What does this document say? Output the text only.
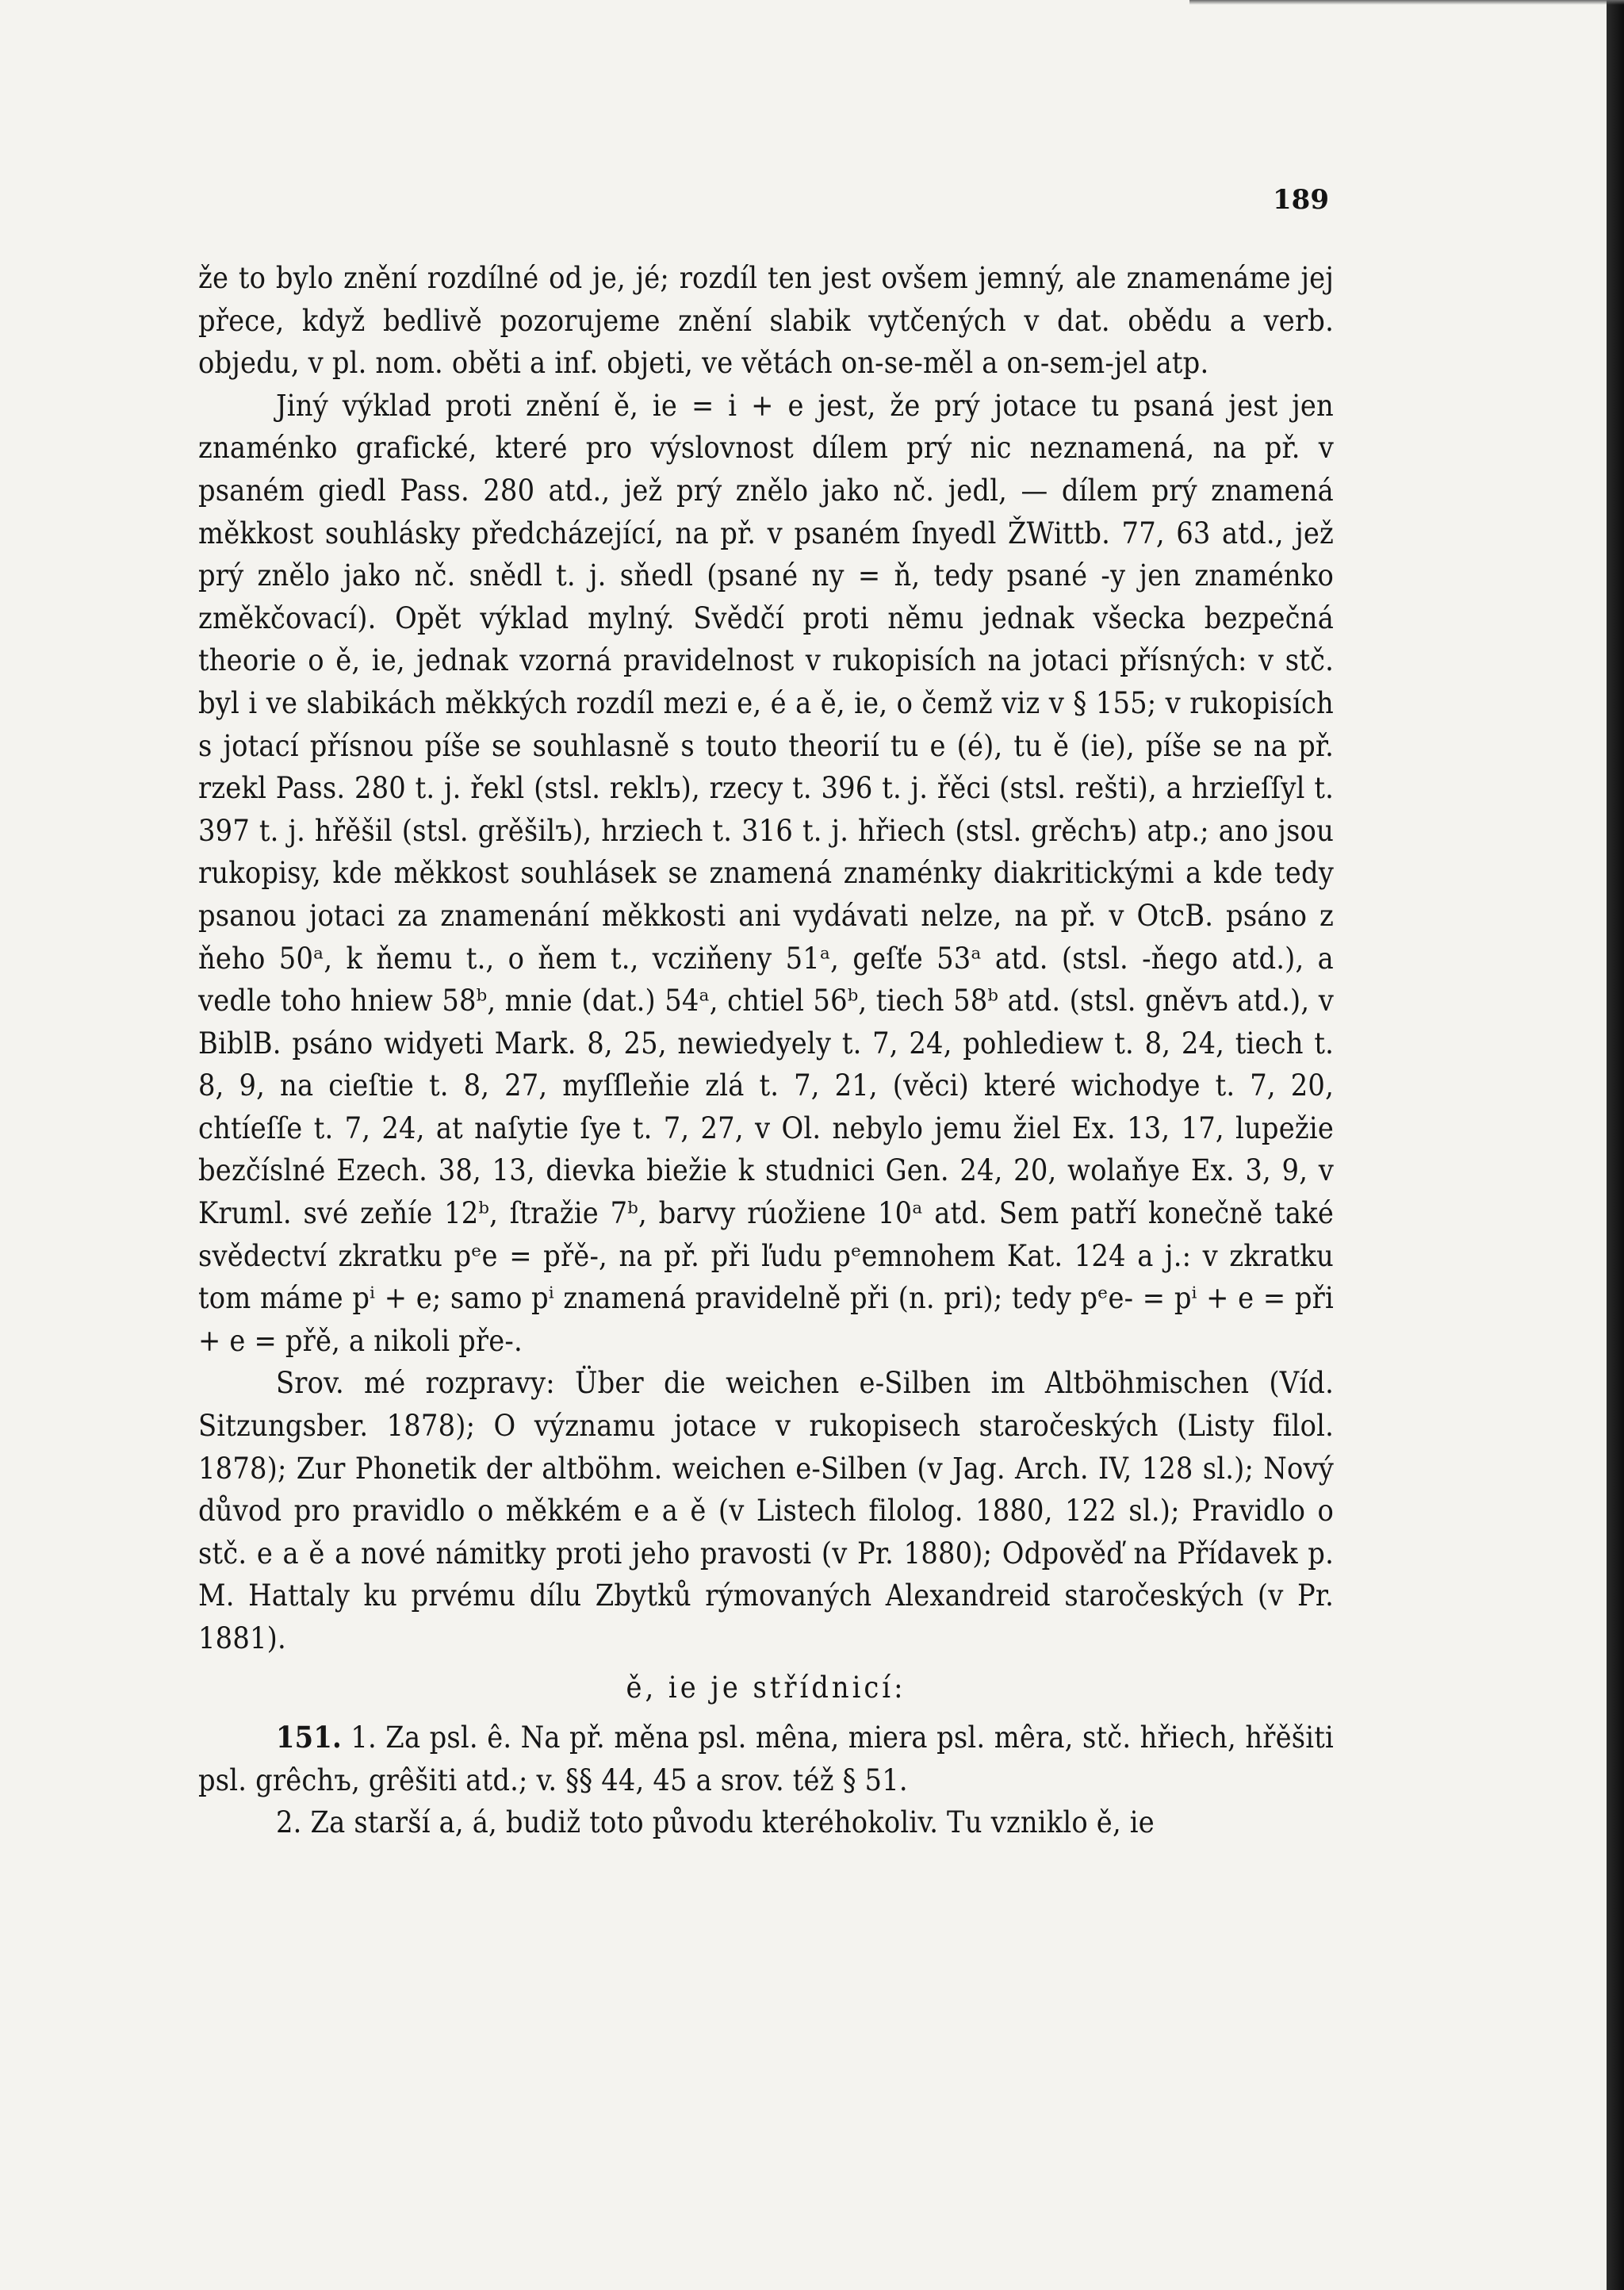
189

že to bylo znění rozdílné od je, jé; rozdíl ten jest ovšem jemný, ale znamenáme jej přece, když bedlivě pozorujeme znění slabik vytčených v dat. obědu a verb. objedu, v pl. nom. oběti a inf. objeti, ve větách on-se-měl a on-sem-jel atp.

Jiný výklad proti znění ě, ie = i + e jest, že prý jotace tu psaná jest jen znaménko grafické, které pro výslovnost dílem prý nic neznamená, na př. v psaném giedl Pass. 280 atd., jež prý znělo jako nč. jedl, — dílem prý znamená měkkost souhlásky předcházející, na př. v psaném ſnyedl ŽWittb. 77, 63 atd., jež prý znělo jako nč. snědl t. j. sňedl (psané ny = ň, tedy psané -y jen znaménko změkčovací). Opět výklad mylný. Svědčí proti němu jednak všecka bezpečná theorie o ě, ie, jednak vzorná pravidelnost v rukopisích na jotaci přísných: v stč. byl i ve slabikách měkkých rozdíl mezi e, é a ě, ie, o čemž viz v § 155; v rukopisích s jotací přísnou píše se souhlasně s touto theorií tu e (é), tu ě (ie), píše se na př. rzekl Pass. 280 t. j. řekl (stsl. reklъ), rzecy t. 396 t. j. řěci (stsl. rešti), a hrzieſſyl t. 397 t. j. hřěšil (stsl. grěšilъ), hrziech t. 316 t. j. hřiech (stsl. grěchъ) atp.; ano jsou rukopisy, kde měkkost souhlásek se znamená znaménky diakritickými a kde tedy psanou jotaci za znamenání měkkosti ani vydávati nelze, na př. v OtcB. psáno z ňeho 50ᵃ, k ňemu t., o ňem t., vcziňeny 51ᵃ, geſťe 53ᵃ atd. (stsl. -ňego atd.), a vedle toho hniew 58ᵇ, mnie (dat.) 54ᵃ, chtiel 56ᵇ, tiech 58ᵇ atd. (stsl. gněvъ atd.), v BiblB. psáno widyeti Mark. 8, 25, newiedyely t. 7, 24, pohlediew t. 8, 24, tiech t. 8, 9, na cieſtie t. 8, 27, myſſleňie zlá t. 7, 21, (věci) které wichodye t. 7, 20, chtíeſſe t. 7, 24, at naſytie ſye t. 7, 27, v Ol. nebylo jemu žiel Ex. 13, 17, lupežie bezčíslné Ezech. 38, 13, dievka biežie k studnici Gen. 24, 20, wolaňye Ex. 3, 9, v Kruml. své zeňíe 12ᵇ, ſtražie 7ᵇ, barvy rúožiene 10ᵃ atd. Sem patří konečně také svědectví zkratku pᵉe = přě-, na př. při ľudu pᵉemnohem Kat. 124 a j.: v zkratku tom máme pⁱ + e; samo pⁱ znamená pravidelně při (n. pri); tedy pᵉe- = pⁱ + e = při + e = přě, a nikoli pře-.

Srov. mé rozpravy: Über die weichen e-Silben im Altböhmischen (Víd. Sitzungsber. 1878); O významu jotace v rukopisech staročeských (Listy filol. 1878); Zur Phonetik der altböhm. weichen e-Silben (v Jag. Arch. IV, 128 sl.); Nový důvod pro pravidlo o měkkém e a ě (v Listech filolog. 1880, 122 sl.); Pravidlo o stč. e a ě a nové námitky proti jeho pravosti (v Pr. 1880); Odpověď na Přídavek p. M. Hattaly ku prvému dílu Zbytků rýmovaných Alexandreid staročeských (v Pr. 1881).

ě, ie je střídnicí:

151. 1. Za psl. ê. Na př. měna psl. mêna, miera psl. mêra, stč. hřiech, hřěšiti psl. grêchъ, grêšiti atd.; v. §§ 44, 45 a srov. též § 51.

2. Za starší a, á, budiž toto původu kteréhokoliv. Tu vzniklo ě, ie
